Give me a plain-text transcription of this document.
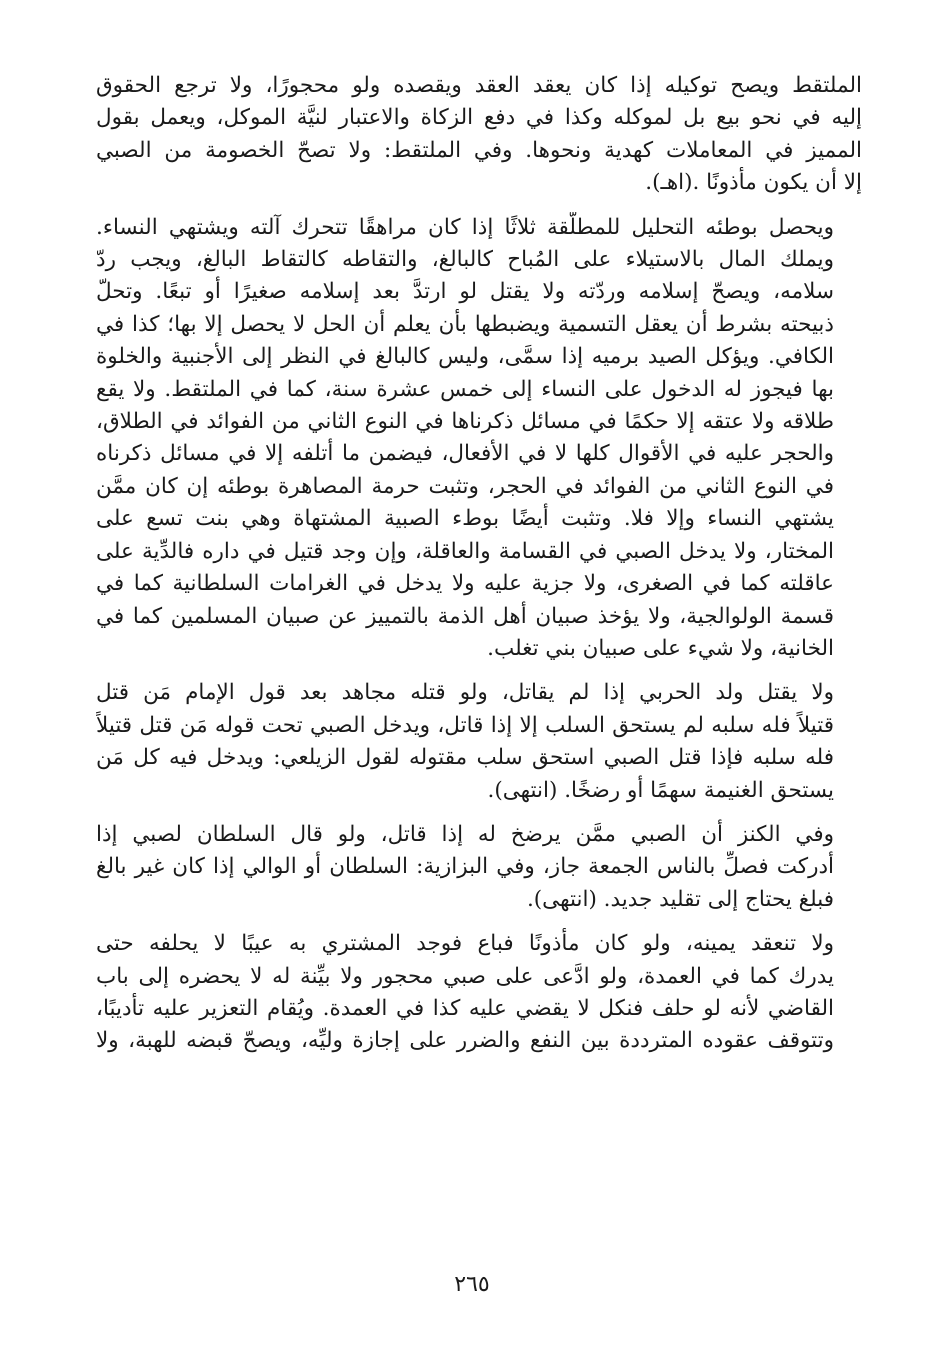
الملتقط ويصح توكيله إذا كان يعقد العقد ويقصده ولو محجورًا، ولا ترجع الحقوق
إليه في نحو بيع بل لموكله وكذا في دفع الزكاة والاعتبار لنيَّة الموكل، ويعمل بقول
المميز في المعاملات كهدية ونحوها. وفي الملتقط: ولا تصحّ الخصومة من الصبي
إلا أن يكون مأذونًا .(اهـ).
ويحصل بوطئه التحليل للمطلّقة ثلاثًا إذا كان مراهقًا تتحرك آلته ويشتهي النساء.
ويملك المال بالاستيلاء على المُباح كالبالغ، والتقاطه كالتقاط البالغ، ويجب ردّ
سلامه، ويصحّ إسلامه وردّته ولا يقتل لو ارتدَّ بعد إسلامه صغيرًا أو تبعًا. وتحلّ
ذبيحته بشرط أن يعقل التسمية ويضبطها بأن يعلم أن الحل لا يحصل إلا بها؛ كذا في
الكافي. ويؤكل الصيد برميه إذا سمَّى، وليس كالبالغ في النظر إلى الأجنبية والخلوة
بها فيجوز له الدخول على النساء إلى خمس عشرة سنة، كما في الملتقط. ولا يقع
طلاقه ولا عتقه إلا حكمًا في مسائل ذكرناها في النوع الثاني من الفوائد في الطلاق،
والحجر عليه في الأقوال كلها لا في الأفعال، فيضمن ما أتلفه إلا في مسائل ذكرناه
في النوع الثاني من الفوائد في الحجر، وتثبت حرمة المصاهرة بوطئه إن كان ممَّن
يشتهي النساء وإلا فلا. وتثبت أيضًا بوطء الصبية المشتهاة وهي بنت تسع على
المختار، ولا يدخل الصبي في القسامة والعاقلة، وإن وجد قتيل في داره فالدِّية على
عاقلته كما في الصغرى، ولا جزية عليه ولا يدخل في الغرامات السلطانية كما في
قسمة الولوالجية، ولا يؤخذ صبيان أهل الذمة بالتمييز عن صبيان المسلمين كما في
الخانية، ولا شيء على صبيان بني تغلب.
ولا يقتل ولد الحربي إذا لم يقاتل، ولو قتله مجاهد بعد قول الإمام مَن قتل
قتيلاً فله سلبه لم يستحق السلب إلا إذا قاتل، ويدخل الصبي تحت قوله مَن قتل قتيلاً
فله سلبه فإذا قتل الصبي استحق سلب مقتوله لقول الزيلعي: ويدخل فيه كل مَن
يستحق الغنيمة سهمًا أو رضخًا. (انتهى).
وفي الكنز أن الصبي ممَّن يرضخ له إذا قاتل، ولو قال السلطان لصبي إذا
أدركت فصلِّ بالناس الجمعة جاز، وفي البزازية: السلطان أو الوالي إذا كان غير بالغ
فبلغ يحتاج إلى تقليد جديد. (انتهى).
ولا تنعقد يمينه، ولو كان مأذونًا فباع فوجد المشتري به عيبًا لا يحلفه حتى
يدرك كما في العمدة، ولو ادَّعى على صبي محجور ولا بيِّنة له لا يحضره إلى باب
القاضي لأنه لو حلف فنكل لا يقضي عليه كذا في العمدة. ويُقام التعزير عليه تأديبًا،
وتتوقف عقوده المترددة بين النفع والضرر على إجازة وليِّه، ويصحّ قبضه للهبة، ولا
٢٦٥
